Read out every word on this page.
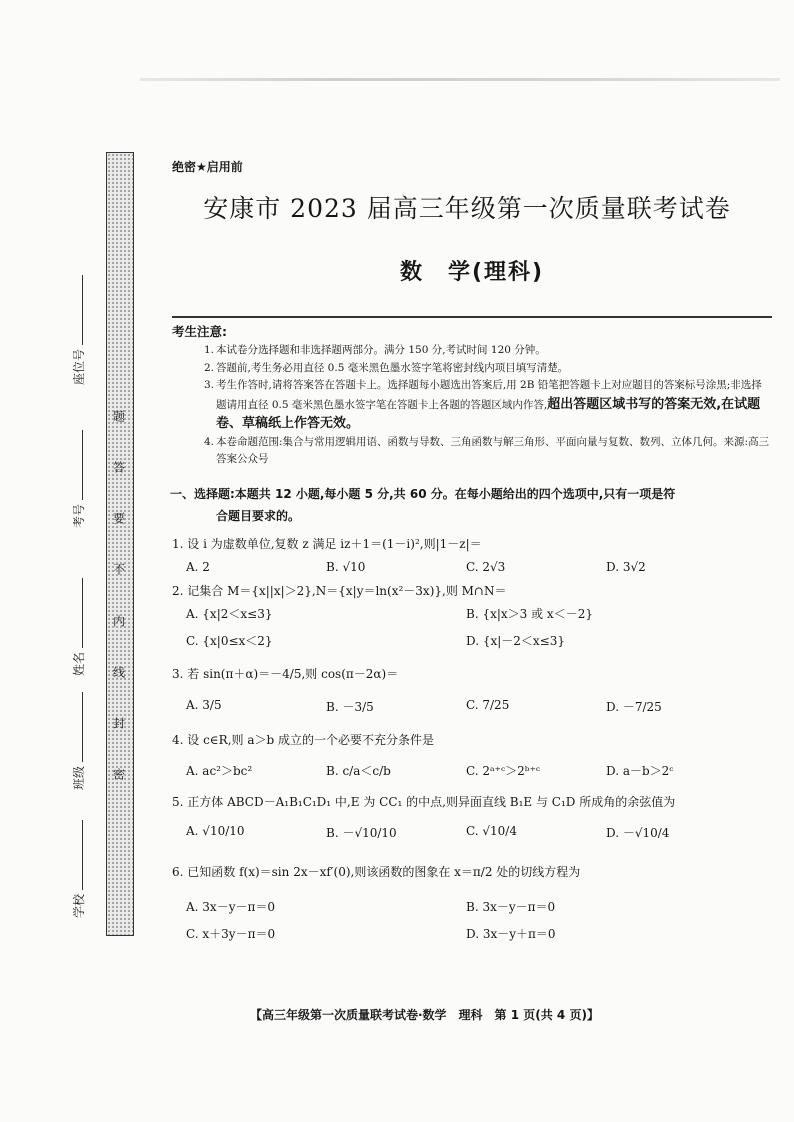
题
答
要
不
内
线
封
密
座位号
考号
姓名
班级
学校
绝密★启用前
安康市 2023 届高三年级第一次质量联考试卷
数　学(理科)
考生注意:
1. 本试卷分选择题和非选择题两部分。满分 150 分,考试时间 120 分钟。
2. 答题前,考生务必用直径 0.5 毫米黑色墨水签字笔将密封线内项目填写清楚。
3. 考生作答时,请将答案答在答题卡上。选择题每小题选出答案后,用 2B 铅笔把答题卡上对应题目的答案标号涂黑;非选择题请用直径 0.5 毫米黑色墨水签字笔在答题卡上各题的答题区域内作答,超出答题区域书写的答案无效,在试题卷、草稿纸上作答无效。
4. 本卷命题范围:集合与常用逻辑用语、函数与导数、三角函数与解三角形、平面向量与复数、数列、立体几何。来源:高三答案公众号
一、选择题:本题共 12 小题,每小题 5 分,共 60 分。在每小题给出的四个选项中,只有一项是符
合题目要求的。
1. 设 i 为虚数单位,复数 z 满足 iz＋1＝(1－i)²,则|1－z|＝
A. 2	B. √10	C. 2√3	D. 3√2
2. 记集合 M＝{x||x|＞2},N＝{x|y＝ln(x²－3x)},则 M∩N＝
A. {x|2＜x≤3}	B. {x|x＞3 或 x＜－2}
C. {x|0≤x＜2}	D. {x|－2＜x≤3}
3. 若 sin(π＋α)＝－4/5,则 cos(π－2α)＝
A. 3/5	B. －3/5	C. 7/25	D. －7/25
4. 设 c∈R,则 a＞b 成立的一个必要不充分条件是
A. ac²＞bc²	B. c/a＜c/b	C. 2ᵃ⁺ᶜ＞2ᵇ⁺ᶜ	D. a－b＞2ᶜ
5. 正方体 ABCD－A₁B₁C₁D₁ 中,E 为 CC₁ 的中点,则异面直线 B₁E 与 C₁D 所成角的余弦值为
A. √10/10	B. －√10/10	C. √10/4	D. －√10/4
6. 已知函数 f(x)＝sin 2x－xf′(0),则该函数的图象在 x＝π/2 处的切线方程为
A. 3x－y－π＝0	B. 3x－y－π＝0
C. x＋3y－π＝0	D. 3x－y＋π＝0
【高三年级第一次质量联考试卷·数学　理科　第 1 页(共 4 页)】
